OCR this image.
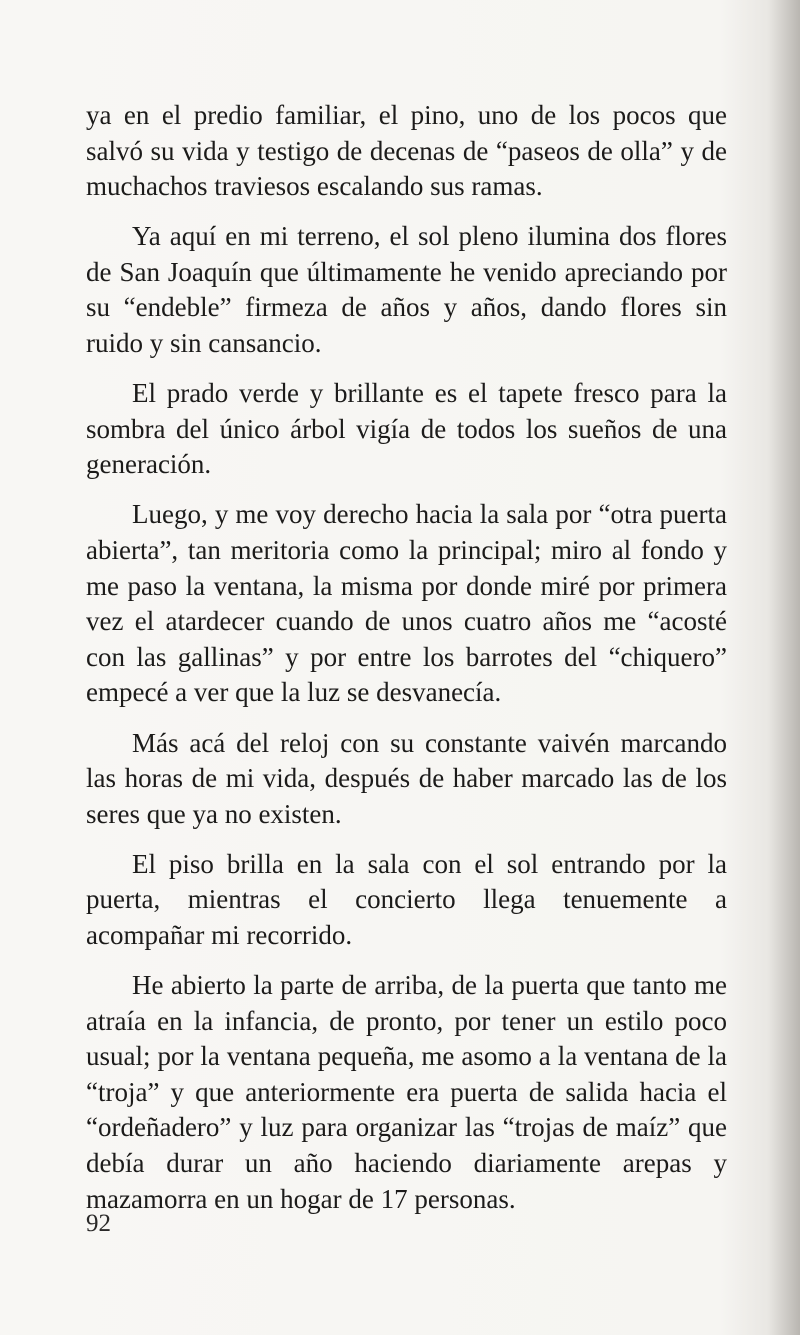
ya en el predio familiar, el pino, uno de los pocos que salvó su vida y testigo de decenas de “paseos de olla” y de muchachos traviesos escalando sus ramas.

Ya aquí en mi terreno, el sol pleno ilumina dos flores de San Joaquín que últimamente he venido apreciando por su “endeble” firmeza de años y años, dando flores sin ruido y sin cansancio.

El prado verde y brillante es el tapete fresco para la sombra del único árbol vigía de todos los sueños de una generación.

Luego, y me voy derecho hacia la sala por “otra puerta abierta”, tan meritoria como la principal; miro al fondo y me paso la ventana, la misma por donde miré por primera vez el atardecer cuando de unos cuatro años me “acosté con las gallinas” y por entre los barrotes del “chiquero” empecé a ver que la luz se desvanecía.

Más acá del reloj con su constante vaivén marcando las horas de mi vida, después de haber marcado las de los seres que ya no existen.

El piso brilla en la sala con el sol entrando por la puerta, mientras el concierto llega tenuemente a acompañar mi recorrido.

He abierto la parte de arriba, de la puerta que tanto me atraía en la infancia, de pronto, por tener un estilo poco usual; por la ventana pequeña, me asomo a la ventana de la “troja” y que anteriormente era puerta de salida hacia el “ordeñadero” y luz para organizar las “trojas de maíz” que debía durar un año haciendo diariamente arepas y mazamorra en un hogar de 17 personas.

92
